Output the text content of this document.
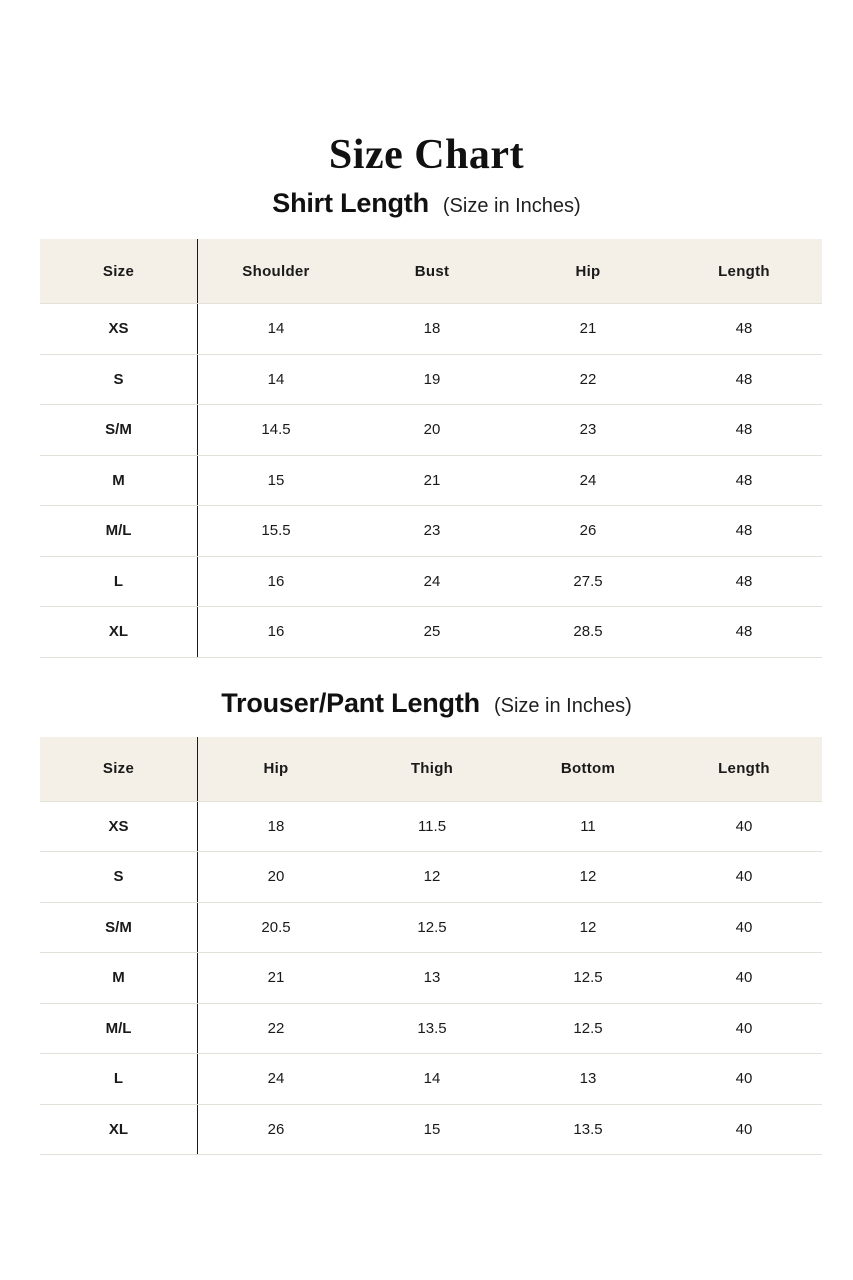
Size Chart
Shirt Length (Size in Inches)
Size	Shoulder	Bust	Hip	Length
XS	14	18	21	48
S	14	19	22	48
S/M	14.5	20	23	48
M	15	21	24	48
M/L	15.5	23	26	48
L	16	24	27.5	48
XL	16	25	28.5	48
Trouser/Pant Length (Size in Inches)
Size	Hip	Thigh	Bottom	Length
XS	18	11.5	11	40
S	20	12	12	40
S/M	20.5	12.5	12	40
M	21	13	12.5	40
M/L	22	13.5	12.5	40
L	24	14	13	40
XL	26	15	13.5	40
